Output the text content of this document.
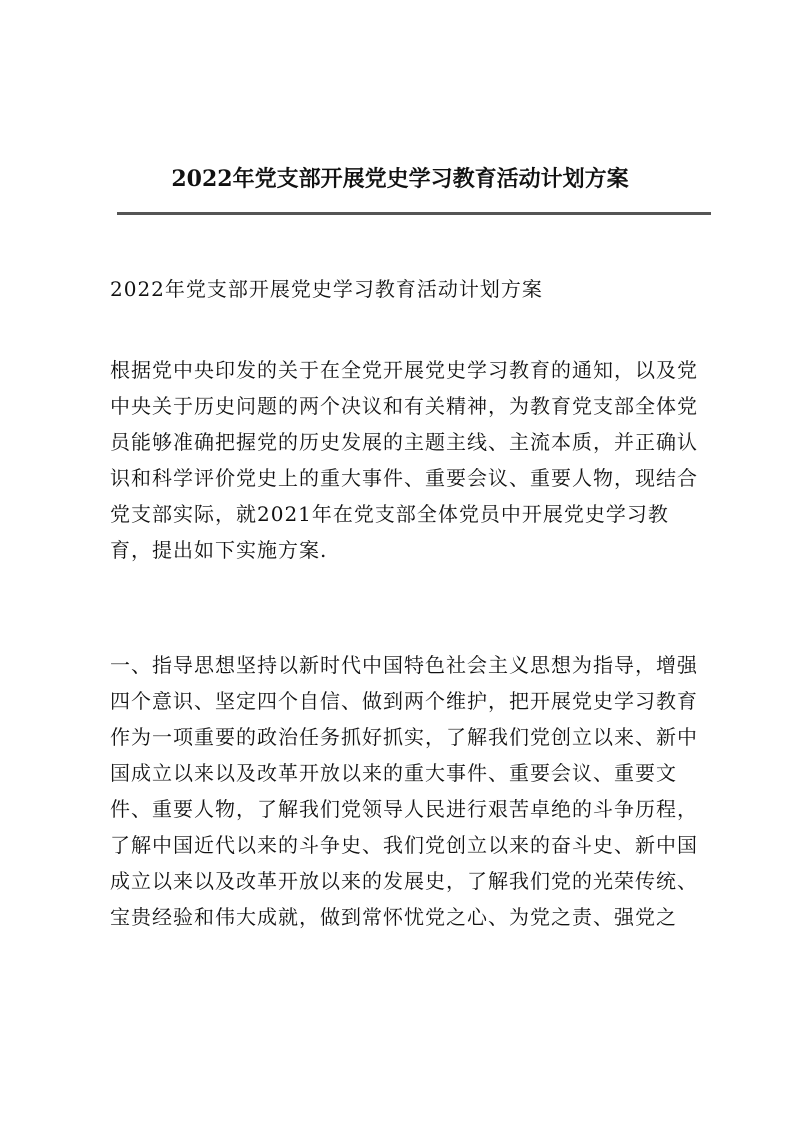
2022年党支部开展党史学习教育活动计划方案

2022年党支部开展党史学习教育活动计划方案

根据党中央印发的关于在全党开展党史学习教育的通知，以及党中央关于历史问题的两个决议和有关精神，为教育党支部全体党员能够准确把握党的历史发展的主题主线、主流本质，并正确认识和科学评价党史上的重大事件、重要会议、重要人物，现结合党支部实际，就2021年在党支部全体党员中开展党史学习教育，提出如下实施方案.

一、指导思想坚持以新时代中国特色社会主义思想为指导，增强四个意识、坚定四个自信、做到两个维护，把开展党史学习教育作为一项重要的政治任务抓好抓实，了解我们党创立以来、新中国成立以来以及改革开放以来的重大事件、重要会议、重要文件、重要人物，了解我们党领导人民进行艰苦卓绝的斗争历程，了解中国近代以来的斗争史、我们党创立以来的奋斗史、新中国成立以来以及改革开放以来的发展史，了解我们党的光荣传统、宝贵经验和伟大成就，做到常怀忧党之心、为党之责、强党之
